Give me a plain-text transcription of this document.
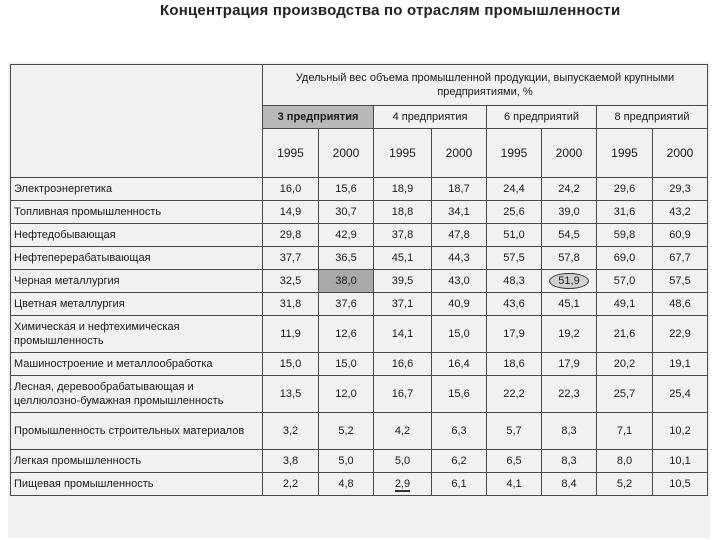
Концентрация производства по отраслям промышленности
	Удельный вес объема промышленной продукции, выпускаемой крупными предприятиями, %							
	3 предприятия		4 предприятия		6 предприятий		8 предприятий	
	1995	2000	1995	2000	1995	2000	1995	2000
Электроэнергетика	16,0	15,6	18,9	18,7	24,4	24,2	29,6	29,3
Топливная промышленность	14,9	30,7	18,8	34,1	25,6	39,0	31,6	43,2
Нефтедобывающая	29,8	42,9	37,8	47,8	51,0	54,5	59,8	60,9
Нефтеперерабатывающая	37,7	36,5	45,1	44,3	57,5	57,8	69,0	67,7
Черная металлургия	32,5	38,0	39,5	43,0	48,3	51,9	57,0	57,5
Цветная металлургия	31,8	37,6	37,1	40,9	43,6	45,1	49,1	48,6
Химическая и нефтехимическая промышленность	11,9	12,6	14,1	15,0	17,9	19,2	21,6	22,9
Машиностроение и металлообработка	15,0	15,0	16,6	16,4	18,6	17,9	20,2	19,1
Лесная, деревообрабатывающая и целлюлозно-бумажная промышленность	13,5	12,0	16,7	15,6	22,2	22,3	25,7	25,4
Промышленность строительных материалов	3,2	5,2	4,2	6,3	5,7	8,3	7,1	10,2
Легкая промышленность	3,8	5,0	5,0	6,2	6,5	8,3	8,0	10,1
Пищевая промышленность	2,2	4,8	2,9	6,1	4,1	8,4	5,2	10,5
